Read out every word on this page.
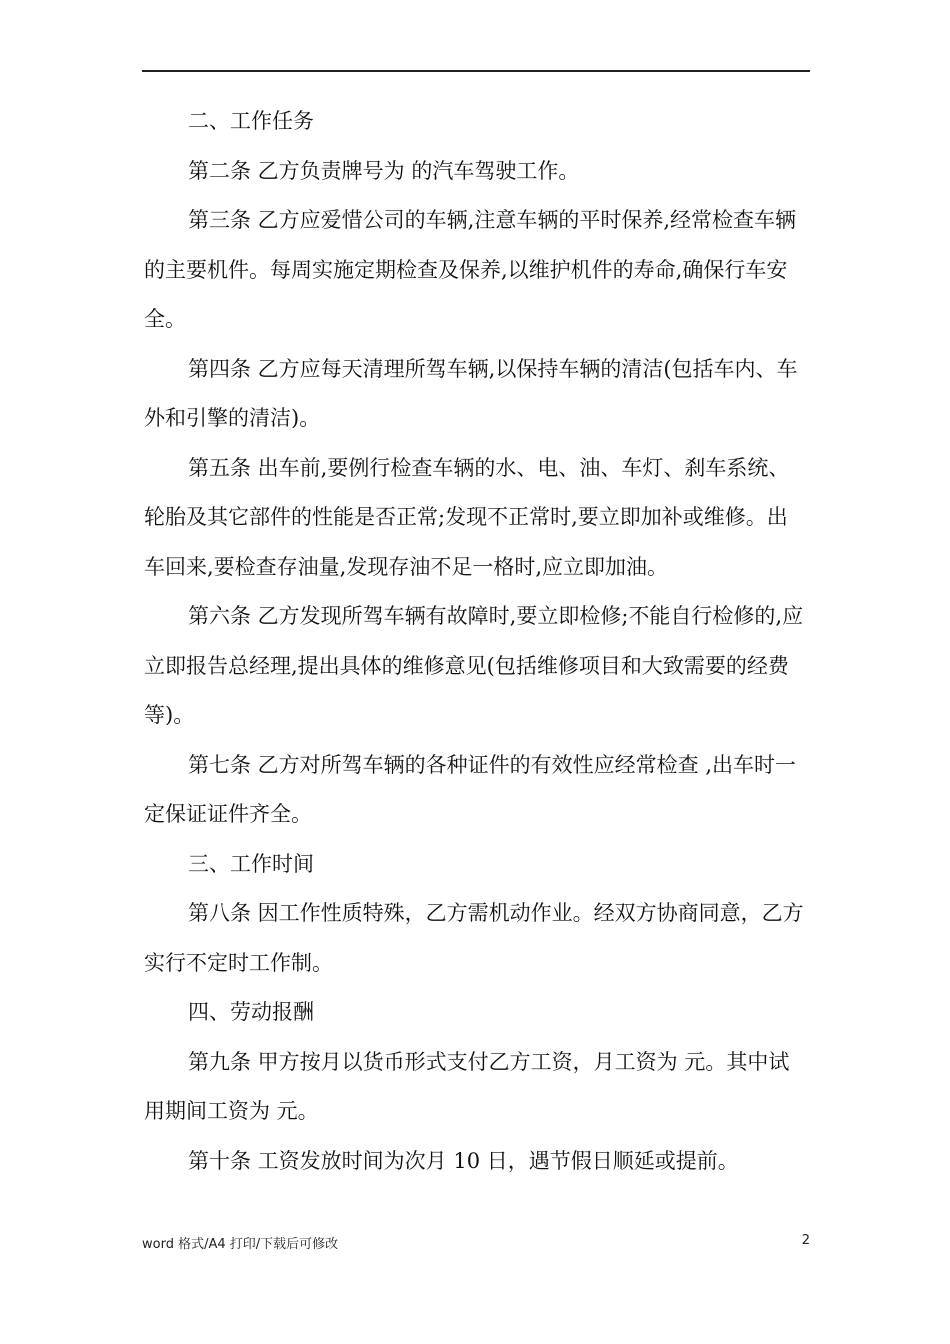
二、工作任务

第二条 乙方负责牌号为 的汽车驾驶工作。

第三条 乙方应爱惜公司的车辆,注意车辆的平时保养,经常检查车辆的主要机件。每周实施定期检查及保养,以维护机件的寿命,确保行车安全。

第四条 乙方应每天清理所驾车辆,以保持车辆的清洁(包括车内、车外和引擎的清洁)。

第五条 出车前,要例行检查车辆的水、电、油、车灯、刹车系统、轮胎及其它部件的性能是否正常;发现不正常时,要立即加补或维修。出车回来,要检查存油量,发现存油不足一格时,应立即加油。

第六条 乙方发现所驾车辆有故障时,要立即检修;不能自行检修的,应立即报告总经理,提出具体的维修意见(包括维修项目和大致需要的经费等)。

第七条 乙方对所驾车辆的各种证件的有效性应经常检查 ,出车时一定保证证件齐全。

三、工作时间

第八条 因工作性质特殊，乙方需机动作业。经双方协商同意，乙方实行不定时工作制。

四、劳动报酬

第九条 甲方按月以货币形式支付乙方工资，月工资为 元。其中试用期间工资为 元。

第十条 工资发放时间为次月 10 日，遇节假日顺延或提前。

word 格式/A4 打印/下载后可修改	2
